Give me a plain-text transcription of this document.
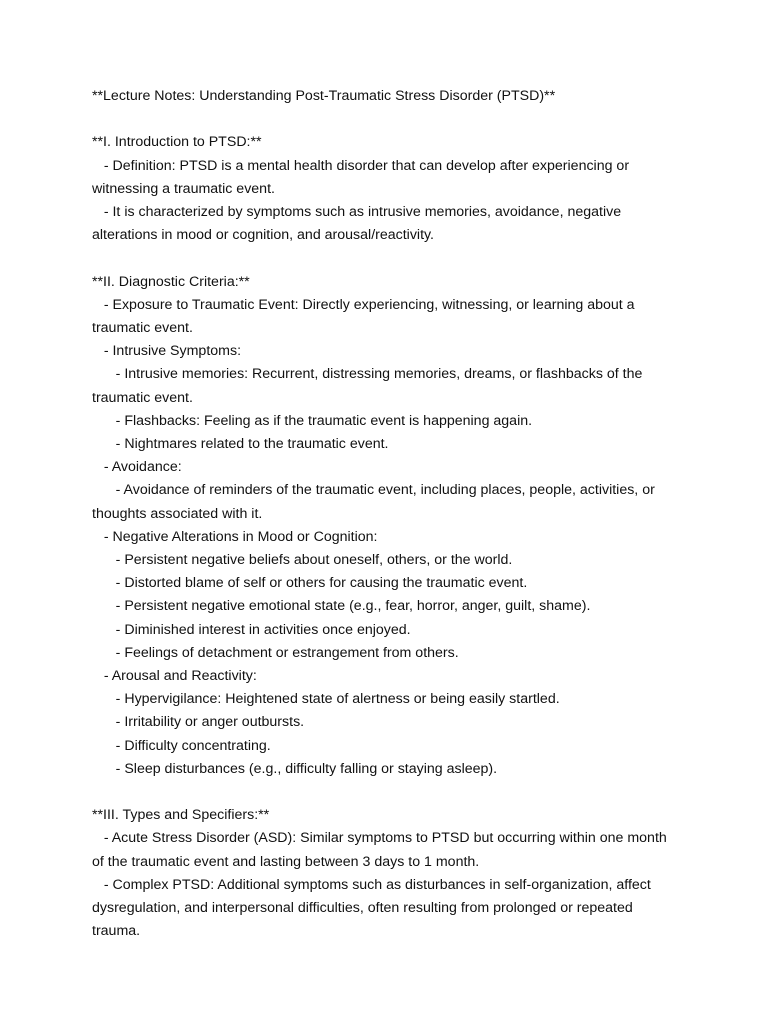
**Lecture Notes: Understanding Post-Traumatic Stress Disorder (PTSD)**

**I. Introduction to PTSD:**

- Definition: PTSD is a mental health disorder that can develop after experiencing or

witnessing a traumatic event.

- It is characterized by symptoms such as intrusive memories, avoidance, negative

alterations in mood or cognition, and arousal/reactivity.

**II. Diagnostic Criteria:**

- Exposure to Traumatic Event: Directly experiencing, witnessing, or learning about a

traumatic event.

- Intrusive Symptoms:

- Intrusive memories: Recurrent, distressing memories, dreams, or flashbacks of the

traumatic event.

- Flashbacks: Feeling as if the traumatic event is happening again.

- Nightmares related to the traumatic event.

- Avoidance:

- Avoidance of reminders of the traumatic event, including places, people, activities, or

thoughts associated with it.

- Negative Alterations in Mood or Cognition:

- Persistent negative beliefs about oneself, others, or the world.

- Distorted blame of self or others for causing the traumatic event.

- Persistent negative emotional state (e.g., fear, horror, anger, guilt, shame).

- Diminished interest in activities once enjoyed.

- Feelings of detachment or estrangement from others.

- Arousal and Reactivity:

- Hypervigilance: Heightened state of alertness or being easily startled.

- Irritability or anger outbursts.

- Difficulty concentrating.

- Sleep disturbances (e.g., difficulty falling or staying asleep).

**III. Types and Specifiers:**

- Acute Stress Disorder (ASD): Similar symptoms to PTSD but occurring within one month

of the traumatic event and lasting between 3 days to 1 month.

- Complex PTSD: Additional symptoms such as disturbances in self-organization, affect

dysregulation, and interpersonal difficulties, often resulting from prolonged or repeated

trauma.
